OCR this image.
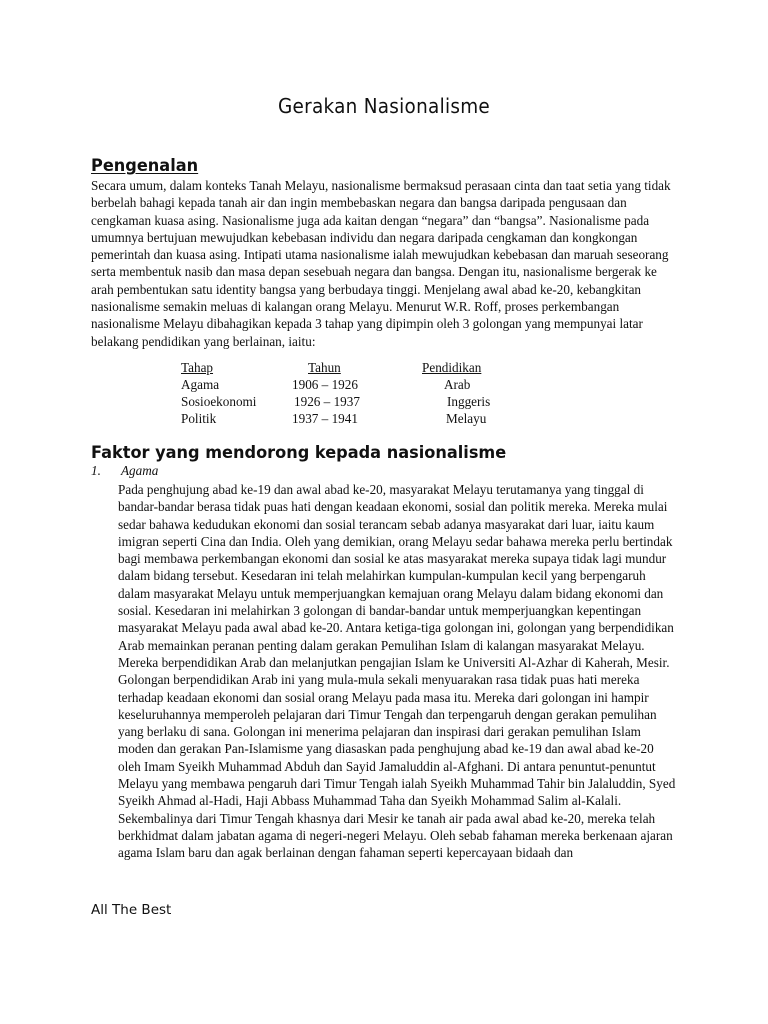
Gerakan Nasionalisme
Pengenalan

Secara umum, dalam konteks Tanah Melayu, nasionalisme bermaksud perasaan cinta dan taat setia yang tidak berbelah bahagi kepada tanah air dan ingin membebaskan negara dan bangsa daripada pengusaan dan cengkaman kuasa asing. Nasionalisme juga ada kaitan dengan “negara” dan “bangsa”. Nasionalisme pada umumnya bertujuan mewujudkan kebebasan individu dan negara daripada cengkaman dan kongkongan pemerintah dan kuasa asing. Intipati utama nasionalisme ialah mewujudkan kebebasan dan maruah seseorang serta membentuk nasib dan masa depan sesebuah negara dan bangsa. Dengan itu, nasionalisme bergerak ke arah pembentukan satu identity bangsa yang berbudaya tinggi. Menjelang awal abad ke-20, kebangkitan nasionalisme semakin meluas di kalangan orang Melayu. Menurut W.R. Roff, proses perkembangan nasionalisme Melayu dibahagikan kepada 3 tahap yang dipimpin oleh 3 golongan yang mempunyai latar belakang pendidikan yang berlainan, iaitu:

Tahap	Tahun	Pendidikan
Agama	1906 – 1926	Arab
Sosioekonomi	1926 – 1937	Inggeris
Politik	1937 – 1941	Melayu
Faktor yang mendorong kepada nasionalisme
1. Agama

Pada penghujung abad ke-19 dan awal abad ke-20, masyarakat Melayu terutamanya yang tinggal di bandar-bandar berasa tidak puas hati dengan keadaan ekonomi, sosial dan politik mereka. Mereka mulai sedar bahawa kedudukan ekonomi dan sosial terancam sebab adanya masyarakat dari luar, iaitu kaum imigran seperti Cina dan India. Oleh yang demikian, orang Melayu sedar bahawa mereka perlu bertindak bagi membawa perkembangan ekonomi dan sosial ke atas masyarakat mereka supaya tidak lagi mundur dalam bidang tersebut. Kesedaran ini telah melahirkan kumpulan-kumpulan kecil yang berpengaruh dalam masyarakat Melayu untuk memperjuangkan kemajuan orang Melayu dalam bidang ekonomi dan sosial. Kesedaran ini melahirkan 3 golongan di bandar-bandar untuk memperjuangkan kepentingan masyarakat Melayu pada awal abad ke-20. Antara ketiga-tiga golongan ini, golongan yang berpendidikan Arab memainkan peranan penting dalam gerakan Pemulihan Islam di kalangan masyarakat Melayu. Mereka berpendidikan Arab dan melanjutkan pengajian Islam ke Universiti Al-Azhar di Kaherah, Mesir. Golongan berpendidikan Arab ini yang mula-mula sekali menyuarakan rasa tidak puas hati mereka terhadap keadaan ekonomi dan sosial orang Melayu pada masa itu. Mereka dari golongan ini hampir keseluruhannya memperoleh pelajaran dari Timur Tengah dan terpengaruh dengan gerakan pemulihan yang berlaku di sana. Golongan ini menerima pelajaran dan inspirasi dari gerakan pemulihan Islam moden dan gerakan Pan-Islamisme yang diasaskan pada penghujung abad ke-19 dan awal abad ke-20 oleh Imam Syeikh Muhammad Abduh dan Sayid Jamaluddin al-Afghani. Di antara penuntut-penuntut Melayu yang membawa pengaruh dari Timur Tengah ialah Syeikh Muhammad Tahir bin Jalaluddin, Syed Syeikh Ahmad al-Hadi, Haji Abbass Muhammad Taha dan Syeikh Mohammad Salim al-Kalali. Sekembalinya dari Timur Tengah khasnya dari Mesir ke tanah air pada awal abad ke-20, mereka telah berkhidmat dalam jabatan agama di negeri-negeri Melayu. Oleh sebab fahaman mereka berkenaan ajaran agama Islam baru dan agak berlainan dengan fahaman seperti kepercayaan bidaah dan

All The Best
